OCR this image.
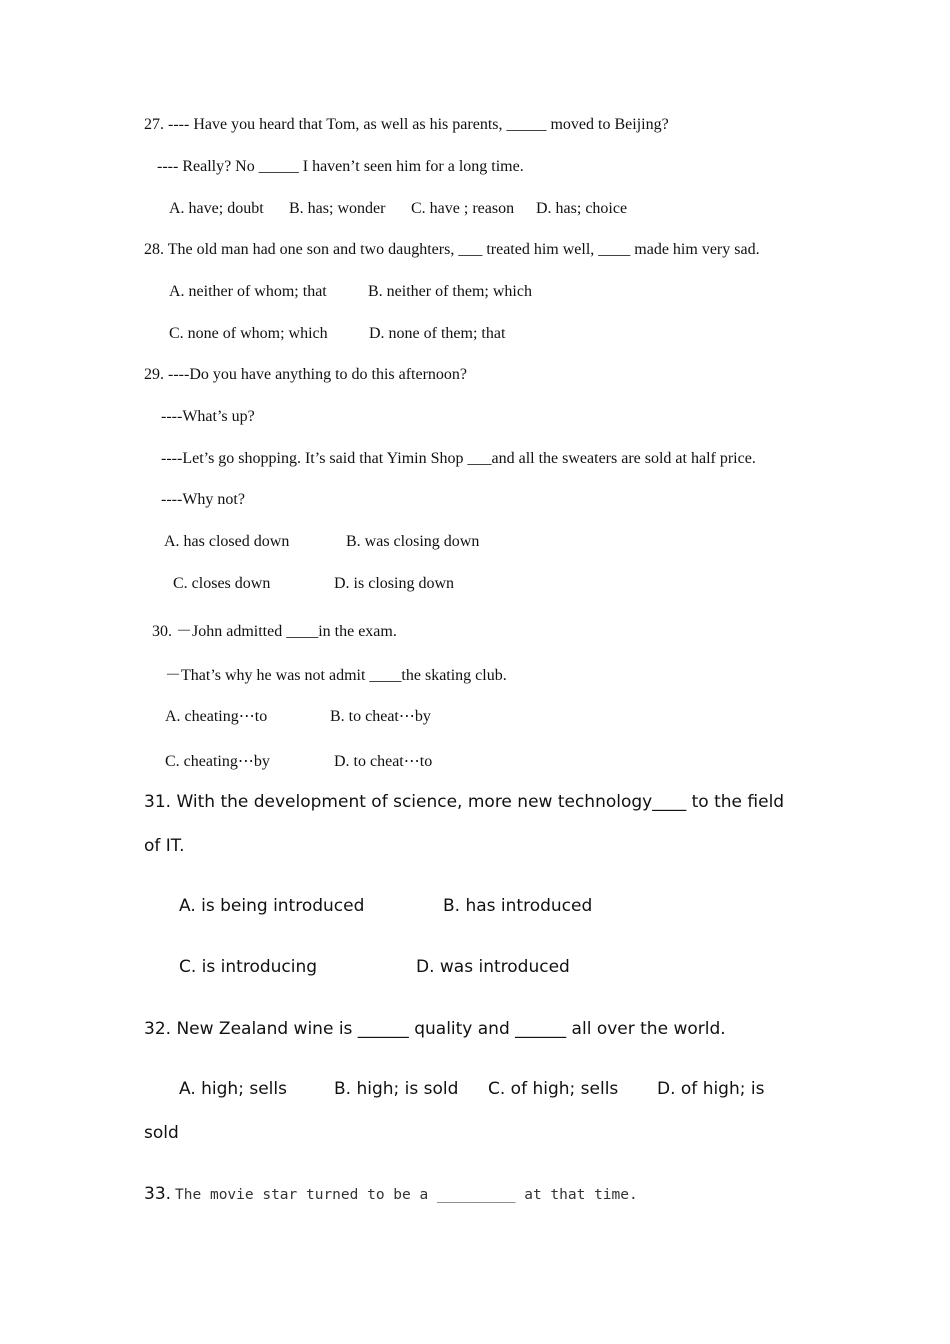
27. ---- Have you heard that Tom, as well as his parents, _____ moved to Beijing?
---- Really? No _____ I haven’t seen him for a long time.
A. have; doubt B. has; wonder C. have ; reason D. has; choice
28. The old man had one son and two daughters, ___ treated him well, ____ made him very sad.
A. neither of whom; that	B. neither of them; which
C. none of whom; which	D. none of them; that
29. ----Do you have anything to do this afternoon?
----What’s up?
----Let’s go shopping. It’s said that Yimin Shop ___and all the sweaters are sold at half price.
----Why not?
A. has closed down	B. was closing down
C. closes down	D. is closing down
30. －John admitted ____in the exam.
－That’s why he was not admit ____the skating club.
A. cheating⋯to	B. to cheat⋯by
C. cheating⋯by	D. to cheat⋯to
31. With the development of science, more new technology____ to the field
of IT.
A. is being introduced	B. has introduced
C. is introducing	D. was introduced
32. New Zealand wine is ______ quality and ______ all over the world.
A. high; sells	B. high; is sold C. of high; sells D. of high; is
sold
33. The movie star turned to be a _________ at that time.
